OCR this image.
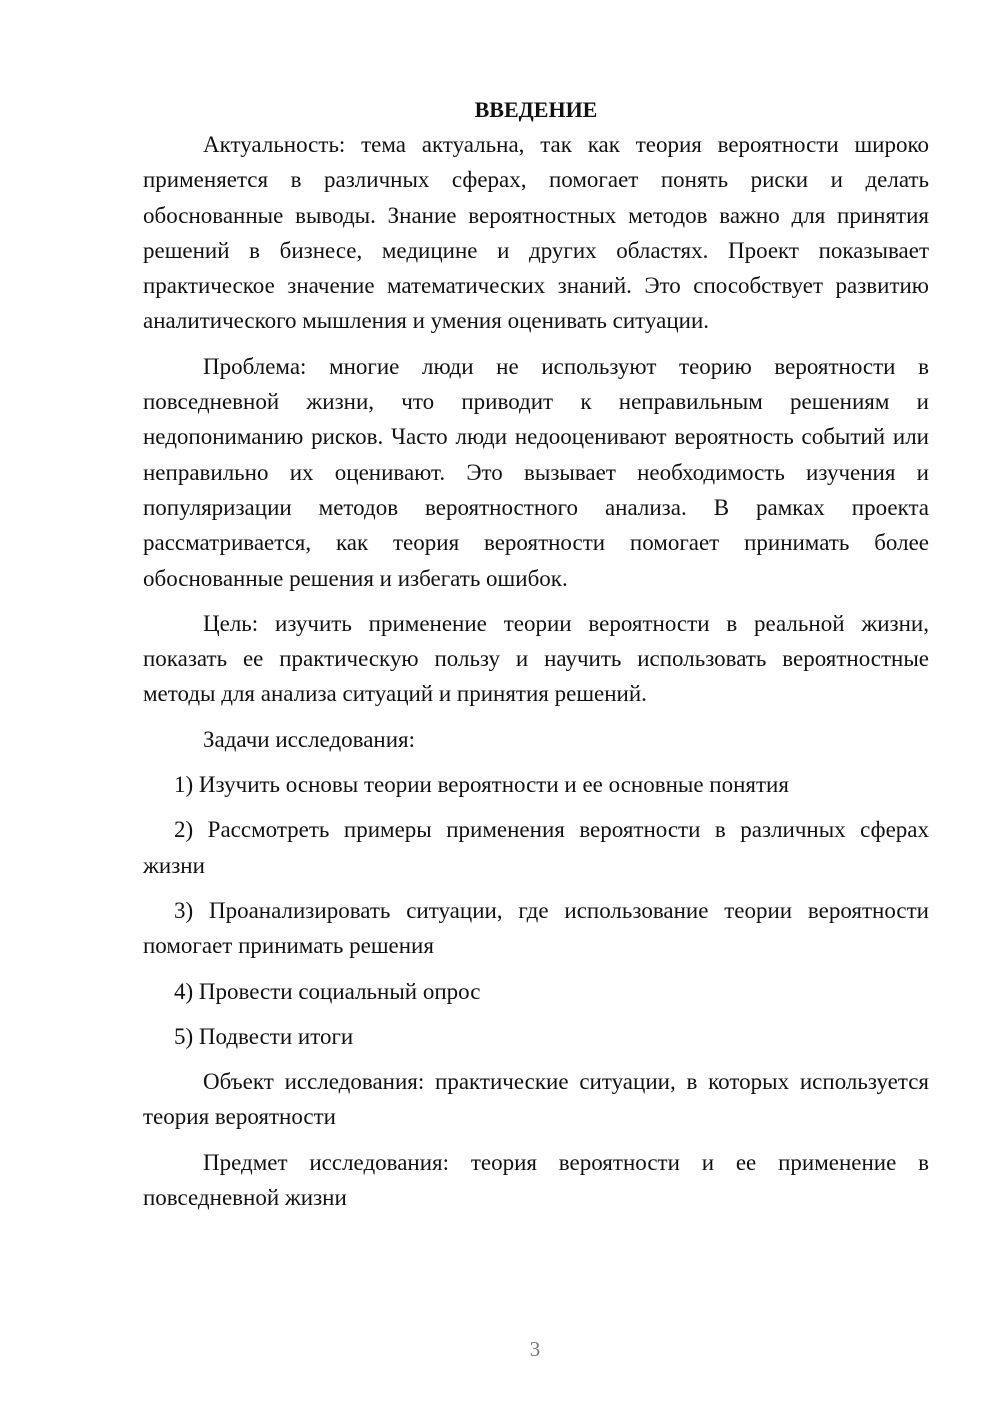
ВВЕДЕНИЕ

Актуальность: тема актуальна, так как теория вероятности широко применяется в различных сферах, помогает понять риски и делать обоснованные выводы. Знание вероятностных методов важно для принятия решений в бизнесе, медицине и других областях. Проект показывает практическое значение математических знаний. Это способствует развитию аналитического мышления и умения оценивать ситуации.

Проблема: многие люди не используют теорию вероятности в повседневной жизни, что приводит к неправильным решениям и недопониманию рисков. Часто люди недооценивают вероятность событий или неправильно их оценивают. Это вызывает необходимость изучения и популяризации методов вероятностного анализа. В рамках проекта рассматривается, как теория вероятности помогает принимать более обоснованные решения и избегать ошибок.

Цель: изучить применение теории вероятности в реальной жизни, показать ее практическую пользу и научить использовать вероятностные методы для анализа ситуаций и принятия решений.

Задачи исследования:

1) Изучить основы теории вероятности и ее основные понятия

2) Рассмотреть примеры применения вероятности в различных сферах жизни

3) Проанализировать ситуации, где использование теории вероятности помогает принимать решения

4) Провести социальный опрос

5) Подвести итоги

Объект исследования: практические ситуации, в которых используется теория вероятности

Предмет исследования: теория вероятности и ее применение в повседневной жизни

3
